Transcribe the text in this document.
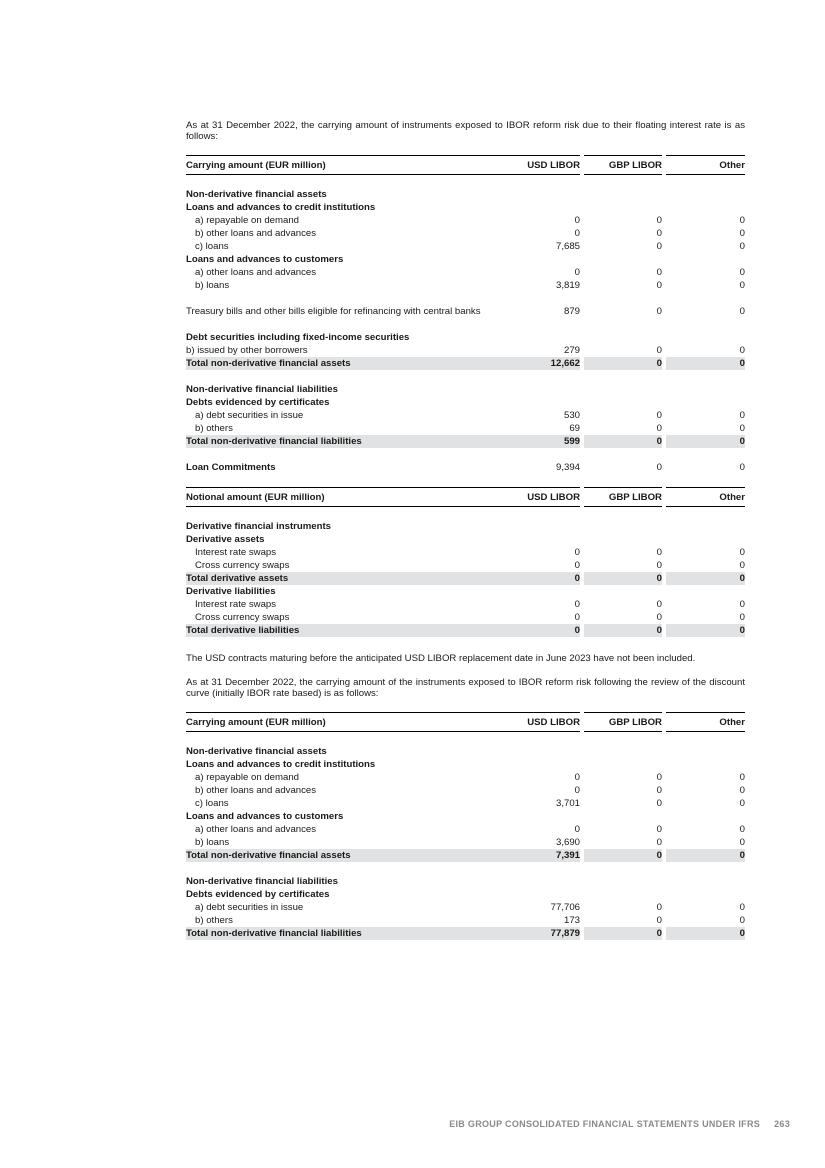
As at 31 December 2022, the carrying amount of instruments exposed to IBOR reform risk due to their floating interest rate is as follows:

Carrying amount (EUR million)	USD LIBOR	GBP LIBOR	Other

Non-derivative financial assets			
Loans and advances to credit institutions			
a) repayable on demand	0	0	0
b) other loans and advances	0	0	0
c) loans	7,685	0	0
Loans and advances to customers			
a) other loans and advances	0	0	0
b) loans	3,819	0	0

Treasury bills and other bills eligible for refinancing with central banks	879	0	0

Debt securities including fixed-income securities			
b) issued by other borrowers	279	0	0
Total non-derivative financial assets	12,662	0	0

Non-derivative financial liabilities			
Debts evidenced by certificates			
a) debt securities in issue	530	0	0
b) others	69	0	0
Total non-derivative financial liabilities	599	0	0

Loan Commitments	9,394	0	0

Notional amount (EUR million)	USD LIBOR	GBP LIBOR	Other

Derivative financial instruments			
Derivative assets			
Interest rate swaps	0	0	0
Cross currency swaps	0	0	0
Total derivative assets	0	0	0
Derivative liabilities			
Interest rate swaps	0	0	0
Cross currency swaps	0	0	0
Total derivative liabilities	0	0	0

The USD contracts maturing before the anticipated USD LIBOR replacement date in June 2023 have not been included.

As at 31 December 2022, the carrying amount of the instruments exposed to IBOR reform risk following the review of the discount curve (initially IBOR rate based) is as follows:

Carrying amount (EUR million)	USD LIBOR	GBP LIBOR	Other

Non-derivative financial assets			
Loans and advances to credit institutions			
a) repayable on demand	0	0	0
b) other loans and advances	0	0	0
c) loans	3,701	0	0
Loans and advances to customers			
a) other loans and advances	0	0	0
b) loans	3,690	0	0
Total non-derivative financial assets	7,391	0	0

Non-derivative financial liabilities			
Debts evidenced by certificates			
a) debt securities in issue	77,706	0	0
b) others	173	0	0
Total non-derivative financial liabilities	77,879	0	0
EIB GROUP CONSOLIDATED FINANCIAL STATEMENTS UNDER IFRS 263
